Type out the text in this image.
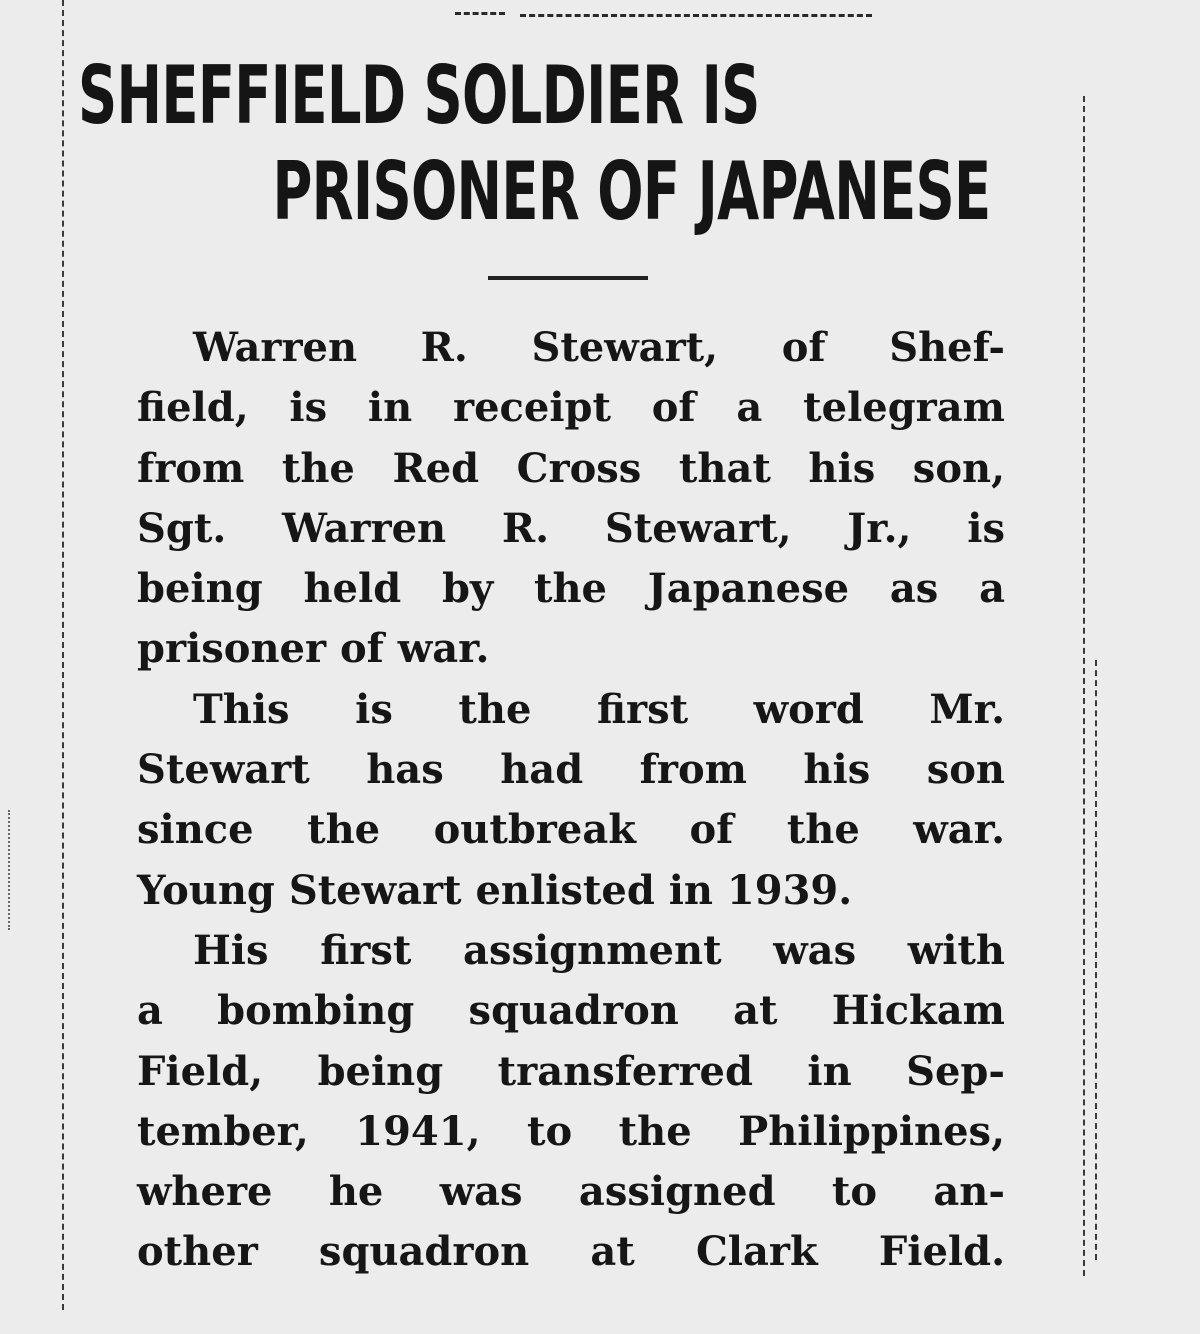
SHEFFIELD SOLDIER IS
PRISONER OF JAPANESE
Warren R. Stewart, of Shef-
field, is in receipt of a telegram
from the Red Cross that his son,
Sgt. Warren R. Stewart, Jr., is
being held by the Japanese as a
prisoner of war.
This is the first word Mr.
Stewart has had from his son
since the outbreak of the war.
Young Stewart enlisted in 1939.
His first assignment was with
a bombing squadron at Hickam
Field, being transferred in Sep-
tember, 1941, to the Philippines,
where he was assigned to an-
other squadron at Clark Field.
